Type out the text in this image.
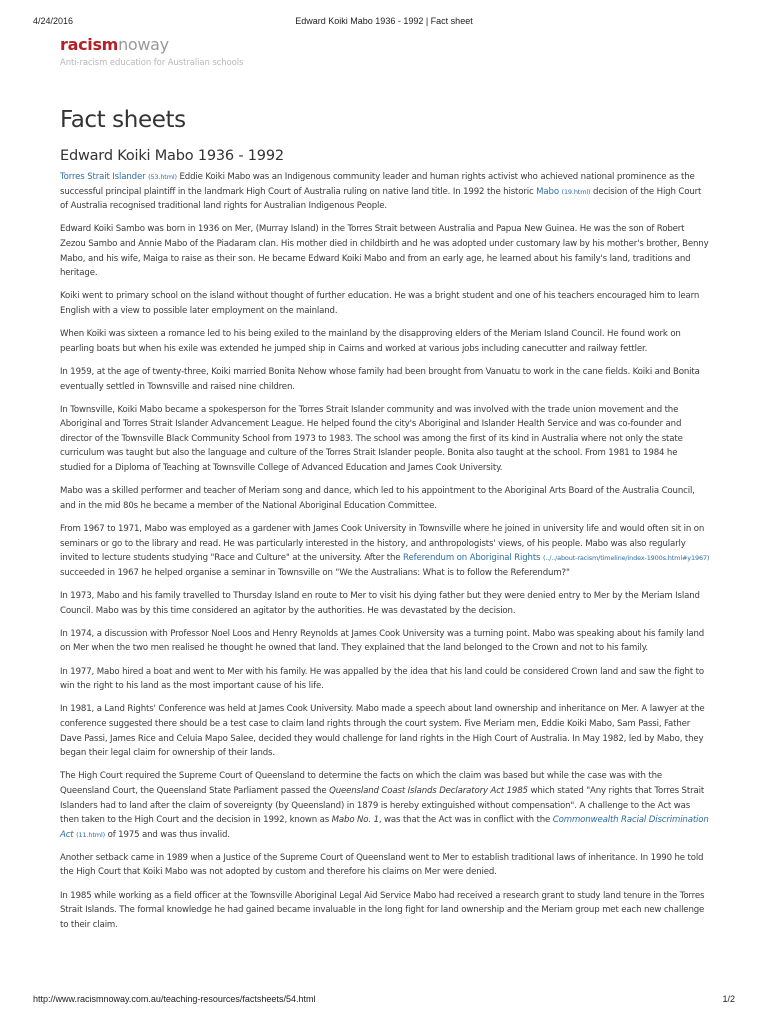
4/24/2016	Edward Koiki Mabo 1936 - 1992 | Fact sheet
racismnoway
Anti-racism education for Australian schools
Fact sheets
Edward Koiki Mabo 1936 - 1992

Torres Strait Islander (53.html) Eddie Koiki Mabo was an Indigenous community leader and human rights activist who achieved national prominence as the successful principal plaintiff in the landmark High Court of Australia ruling on native land title. In 1992 the historic Mabo (19.html) decision of the High Court of Australia recognised traditional land rights for Australian Indigenous People.

Edward Koiki Sambo was born in 1936 on Mer, (Murray Island) in the Torres Strait between Australia and Papua New Guinea. He was the son of Robert Zezou Sambo and Annie Mabo of the Piadaram clan. His mother died in childbirth and he was adopted under customary law by his mother's brother, Benny Mabo, and his wife, Maiga to raise as their son. He became Edward Koiki Mabo and from an early age, he learned about his family's land, traditions and heritage.

Koiki went to primary school on the island without thought of further education. He was a bright student and one of his teachers encouraged him to learn English with a view to possible later employment on the mainland.

When Koiki was sixteen a romance led to his being exiled to the mainland by the disapproving elders of the Meriam Island Council. He found work on pearling boats but when his exile was extended he jumped ship in Cairns and worked at various jobs including canecutter and railway fettler.

In 1959, at the age of twenty-three, Koiki married Bonita Nehow whose family had been brought from Vanuatu to work in the cane fields. Koiki and Bonita eventually settled in Townsville and raised nine children.

In Townsville, Koiki Mabo became a spokesperson for the Torres Strait Islander community and was involved with the trade union movement and the Aboriginal and Torres Strait Islander Advancement League. He helped found the city's Aboriginal and Islander Health Service and was co-founder and director of the Townsville Black Community School from 1973 to 1983. The school was among the first of its kind in Australia where not only the state curriculum was taught but also the language and culture of the Torres Strait Islander people. Bonita also taught at the school. From 1981 to 1984 he studied for a Diploma of Teaching at Townsville College of Advanced Education and James Cook University.

Mabo was a skilled performer and teacher of Meriam song and dance, which led to his appointment to the Aboriginal Arts Board of the Australia Council, and in the mid 80s he became a member of the National Aboriginal Education Committee.

From 1967 to 1971, Mabo was employed as a gardener with James Cook University in Townsville where he joined in university life and would often sit in on seminars or go to the library and read. He was particularly interested in the history, and anthropologists' views, of his people. Mabo was also regularly invited to lecture students studying "Race and Culture" at the university. After the Referendum on Aboriginal Rights (../../about-racism/timeline/index-1900s.html#y1967) succeeded in 1967 he helped organise a seminar in Townsville on "We the Australians: What is to follow the Referendum?"

In 1973, Mabo and his family travelled to Thursday Island en route to Mer to visit his dying father but they were denied entry to Mer by the Meriam Island Council. Mabo was by this time considered an agitator by the authorities. He was devastated by the decision.

In 1974, a discussion with Professor Noel Loos and Henry Reynolds at James Cook University was a turning point. Mabo was speaking about his family land on Mer when the two men realised he thought he owned that land. They explained that the land belonged to the Crown and not to his family.

In 1977, Mabo hired a boat and went to Mer with his family. He was appalled by the idea that his land could be considered Crown land and saw the fight to win the right to his land as the most important cause of his life.

In 1981, a Land Rights' Conference was held at James Cook University. Mabo made a speech about land ownership and inheritance on Mer. A lawyer at the conference suggested there should be a test case to claim land rights through the court system. Five Meriam men, Eddie Koiki Mabo, Sam Passi, Father Dave Passi, James Rice and Celuia Mapo Salee, decided they would challenge for land rights in the High Court of Australia. In May 1982, led by Mabo, they began their legal claim for ownership of their lands.

The High Court required the Supreme Court of Queensland to determine the facts on which the claim was based but while the case was with the Queensland Court, the Queensland State Parliament passed the Queensland Coast Islands Declaratory Act 1985 which stated "Any rights that Torres Strait Islanders had to land after the claim of sovereignty (by Queensland) in 1879 is hereby extinguished without compensation". A challenge to the Act was then taken to the High Court and the decision in 1992, known as Mabo No. 1, was that the Act was in conflict with the Commonwealth Racial Discrimination Act (11.html) of 1975 and was thus invalid.

Another setback came in 1989 when a Justice of the Supreme Court of Queensland went to Mer to establish traditional laws of inheritance. In 1990 he told the High Court that Koiki Mabo was not adopted by custom and therefore his claims on Mer were denied.

In 1985 while working as a field officer at the Townsville Aboriginal Legal Aid Service Mabo had received a research grant to study land tenure in the Torres Strait Islands. The formal knowledge he had gained became invaluable in the long fight for land ownership and the Meriam group met each new challenge to their claim.

http://www.racismnoway.com.au/teaching-resources/factsheets/54.html	1/2
